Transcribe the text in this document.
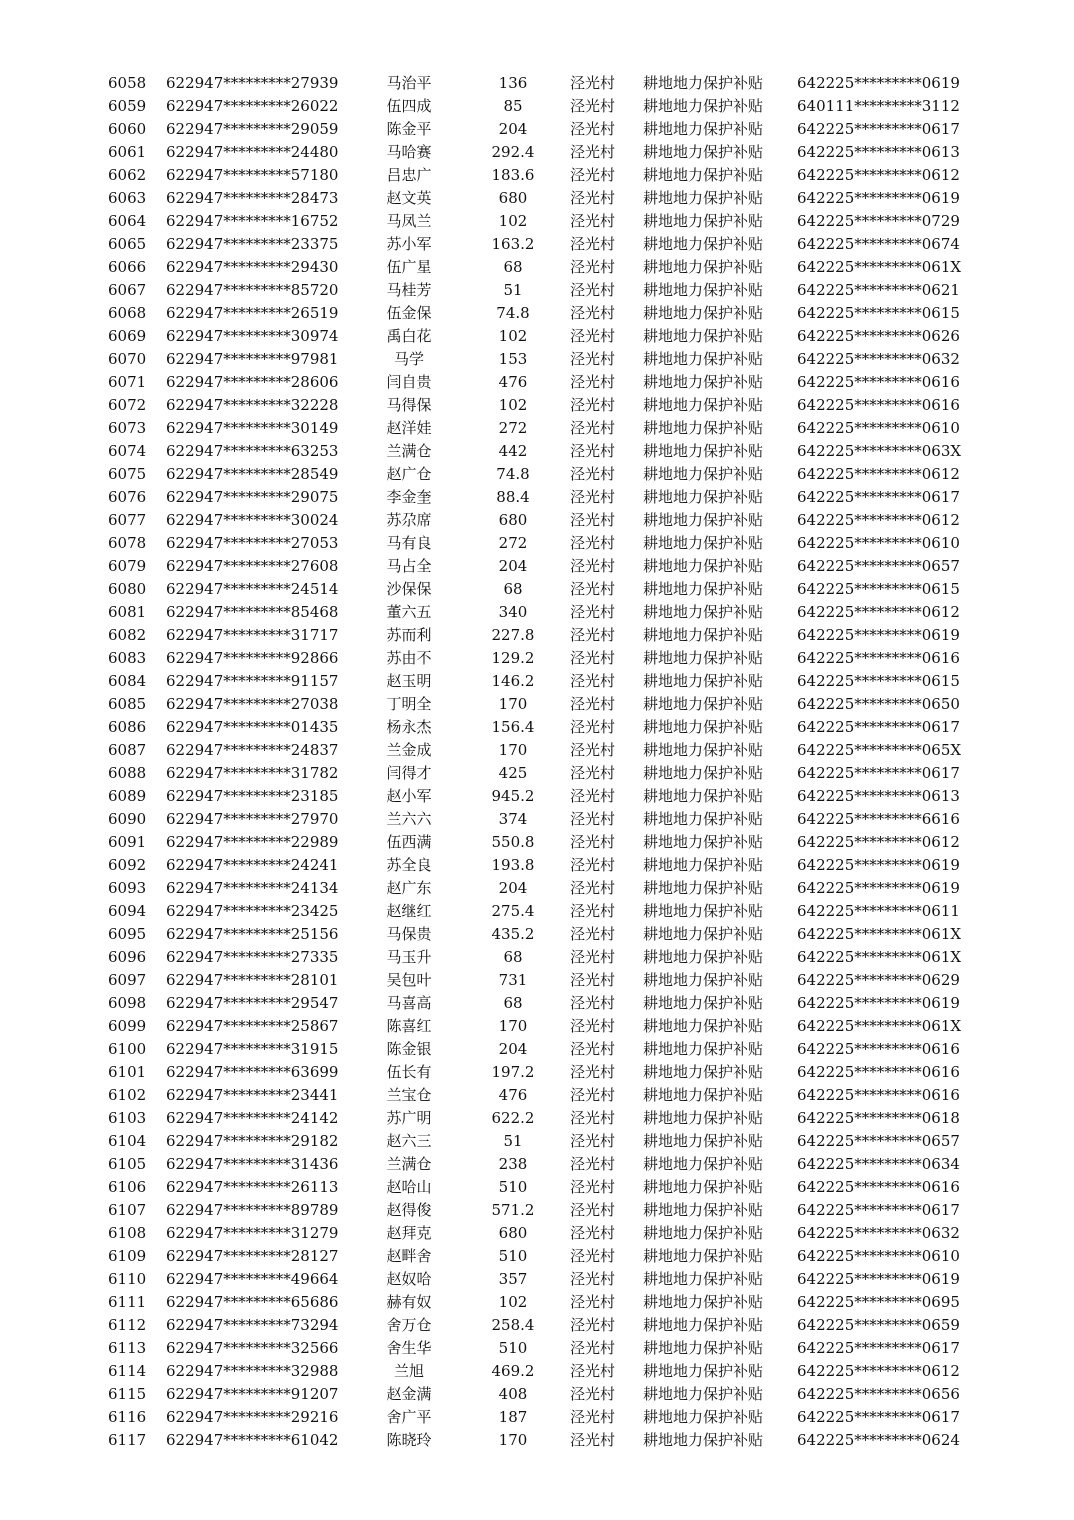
6058	622947*********27939	马治平	136	泾光村	耕地地力保护补贴	642225*********0619
6059	622947*********26022	伍四成	85	泾光村	耕地地力保护补贴	640111*********3112
6060	622947*********29059	陈金平	204	泾光村	耕地地力保护补贴	642225*********0617
6061	622947*********24480	马哈赛	292.4	泾光村	耕地地力保护补贴	642225*********0613
6062	622947*********57180	吕忠广	183.6	泾光村	耕地地力保护补贴	642225*********0612
6063	622947*********28473	赵文英	680	泾光村	耕地地力保护补贴	642225*********0619
6064	622947*********16752	马凤兰	102	泾光村	耕地地力保护补贴	642225*********0729
6065	622947*********23375	苏小军	163.2	泾光村	耕地地力保护补贴	642225*********0674
6066	622947*********29430	伍广星	68	泾光村	耕地地力保护补贴	642225*********061X
6067	622947*********85720	马桂芳	51	泾光村	耕地地力保护补贴	642225*********0621
6068	622947*********26519	伍金保	74.8	泾光村	耕地地力保护补贴	642225*********0615
6069	622947*********30974	禹白花	102	泾光村	耕地地力保护补贴	642225*********0626
6070	622947*********97981	马学	153	泾光村	耕地地力保护补贴	642225*********0632
6071	622947*********28606	闫自贵	476	泾光村	耕地地力保护补贴	642225*********0616
6072	622947*********32228	马得保	102	泾光村	耕地地力保护补贴	642225*********0616
6073	622947*********30149	赵洋娃	272	泾光村	耕地地力保护补贴	642225*********0610
6074	622947*********63253	兰满仓	442	泾光村	耕地地力保护补贴	642225*********063X
6075	622947*********28549	赵广仓	74.8	泾光村	耕地地力保护补贴	642225*********0612
6076	622947*********29075	李金奎	88.4	泾光村	耕地地力保护补贴	642225*********0617
6077	622947*********30024	苏尕席	680	泾光村	耕地地力保护补贴	642225*********0612
6078	622947*********27053	马有良	272	泾光村	耕地地力保护补贴	642225*********0610
6079	622947*********27608	马占全	204	泾光村	耕地地力保护补贴	642225*********0657
6080	622947*********24514	沙保保	68	泾光村	耕地地力保护补贴	642225*********0615
6081	622947*********85468	董六五	340	泾光村	耕地地力保护补贴	642225*********0612
6082	622947*********31717	苏而利	227.8	泾光村	耕地地力保护补贴	642225*********0619
6083	622947*********92866	苏由不	129.2	泾光村	耕地地力保护补贴	642225*********0616
6084	622947*********91157	赵玉明	146.2	泾光村	耕地地力保护补贴	642225*********0615
6085	622947*********27038	丁明全	170	泾光村	耕地地力保护补贴	642225*********0650
6086	622947*********01435	杨永杰	156.4	泾光村	耕地地力保护补贴	642225*********0617
6087	622947*********24837	兰金成	170	泾光村	耕地地力保护补贴	642225*********065X
6088	622947*********31782	闫得才	425	泾光村	耕地地力保护补贴	642225*********0617
6089	622947*********23185	赵小军	945.2	泾光村	耕地地力保护补贴	642225*********0613
6090	622947*********27970	兰六六	374	泾光村	耕地地力保护补贴	642225*********6616
6091	622947*********22989	伍西满	550.8	泾光村	耕地地力保护补贴	642225*********0612
6092	622947*********24241	苏全良	193.8	泾光村	耕地地力保护补贴	642225*********0619
6093	622947*********24134	赵广东	204	泾光村	耕地地力保护补贴	642225*********0619
6094	622947*********23425	赵继红	275.4	泾光村	耕地地力保护补贴	642225*********0611
6095	622947*********25156	马保贵	435.2	泾光村	耕地地力保护补贴	642225*********061X
6096	622947*********27335	马玉升	68	泾光村	耕地地力保护补贴	642225*********061X
6097	622947*********28101	吴包叶	731	泾光村	耕地地力保护补贴	642225*********0629
6098	622947*********29547	马喜高	68	泾光村	耕地地力保护补贴	642225*********0619
6099	622947*********25867	陈喜红	170	泾光村	耕地地力保护补贴	642225*********061X
6100	622947*********31915	陈金银	204	泾光村	耕地地力保护补贴	642225*********0616
6101	622947*********63699	伍长有	197.2	泾光村	耕地地力保护补贴	642225*********0616
6102	622947*********23441	兰宝仓	476	泾光村	耕地地力保护补贴	642225*********0616
6103	622947*********24142	苏广明	622.2	泾光村	耕地地力保护补贴	642225*********0618
6104	622947*********29182	赵六三	51	泾光村	耕地地力保护补贴	642225*********0657
6105	622947*********31436	兰满仓	238	泾光村	耕地地力保护补贴	642225*********0634
6106	622947*********26113	赵哈山	510	泾光村	耕地地力保护补贴	642225*********0616
6107	622947*********89789	赵得俊	571.2	泾光村	耕地地力保护补贴	642225*********0617
6108	622947*********31279	赵拜克	680	泾光村	耕地地力保护补贴	642225*********0632
6109	622947*********28127	赵畔舍	510	泾光村	耕地地力保护补贴	642225*********0610
6110	622947*********49664	赵奴哈	357	泾光村	耕地地力保护补贴	642225*********0619
6111	622947*********65686	赫有奴	102	泾光村	耕地地力保护补贴	642225*********0695
6112	622947*********73294	舍万仓	258.4	泾光村	耕地地力保护补贴	642225*********0659
6113	622947*********32566	舍生华	510	泾光村	耕地地力保护补贴	642225*********0617
6114	622947*********32988	兰旭	469.2	泾光村	耕地地力保护补贴	642225*********0612
6115	622947*********91207	赵金满	408	泾光村	耕地地力保护补贴	642225*********0656
6116	622947*********29216	舍广平	187	泾光村	耕地地力保护补贴	642225*********0617
6117	622947*********61042	陈晓玲	170	泾光村	耕地地力保护补贴	642225*********0624
